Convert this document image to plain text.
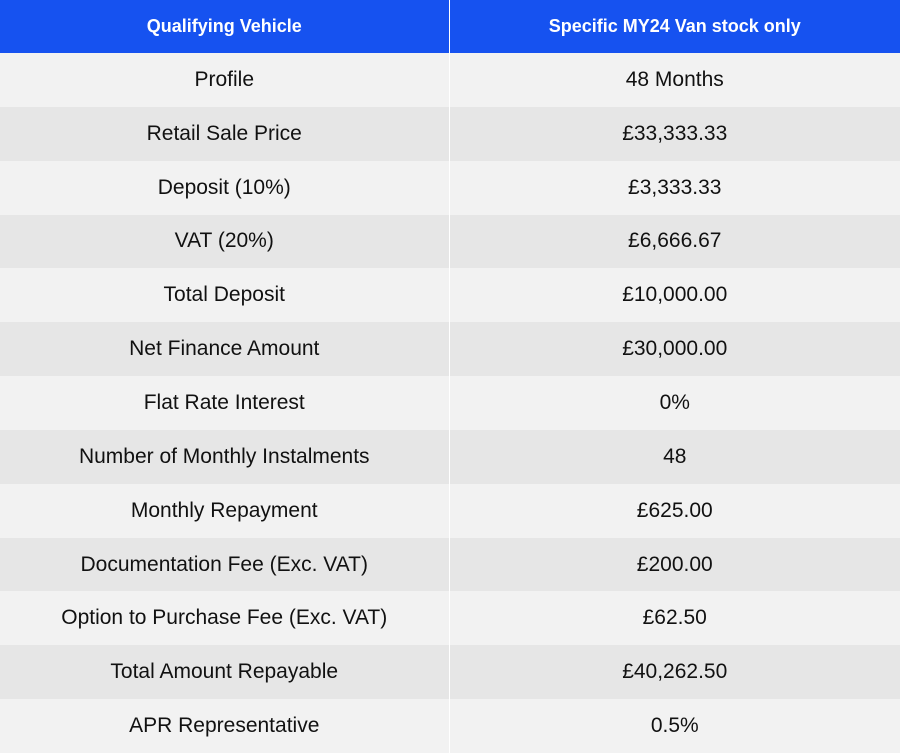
Qualifying Vehicle	Specific MY24 Van stock only
Profile	48 Months
Retail Sale Price	£33,333.33
Deposit (10%)	£3,333.33
VAT (20%)	£6,666.67
Total Deposit	£10,000.00
Net Finance Amount	£30,000.00
Flat Rate Interest	0%
Number of Monthly Instalments	48
Monthly Repayment	£625.00
Documentation Fee (Exc. VAT)	£200.00
Option to Purchase Fee (Exc. VAT)	£62.50
Total Amount Repayable	£40,262.50
APR Representative	0.5%
